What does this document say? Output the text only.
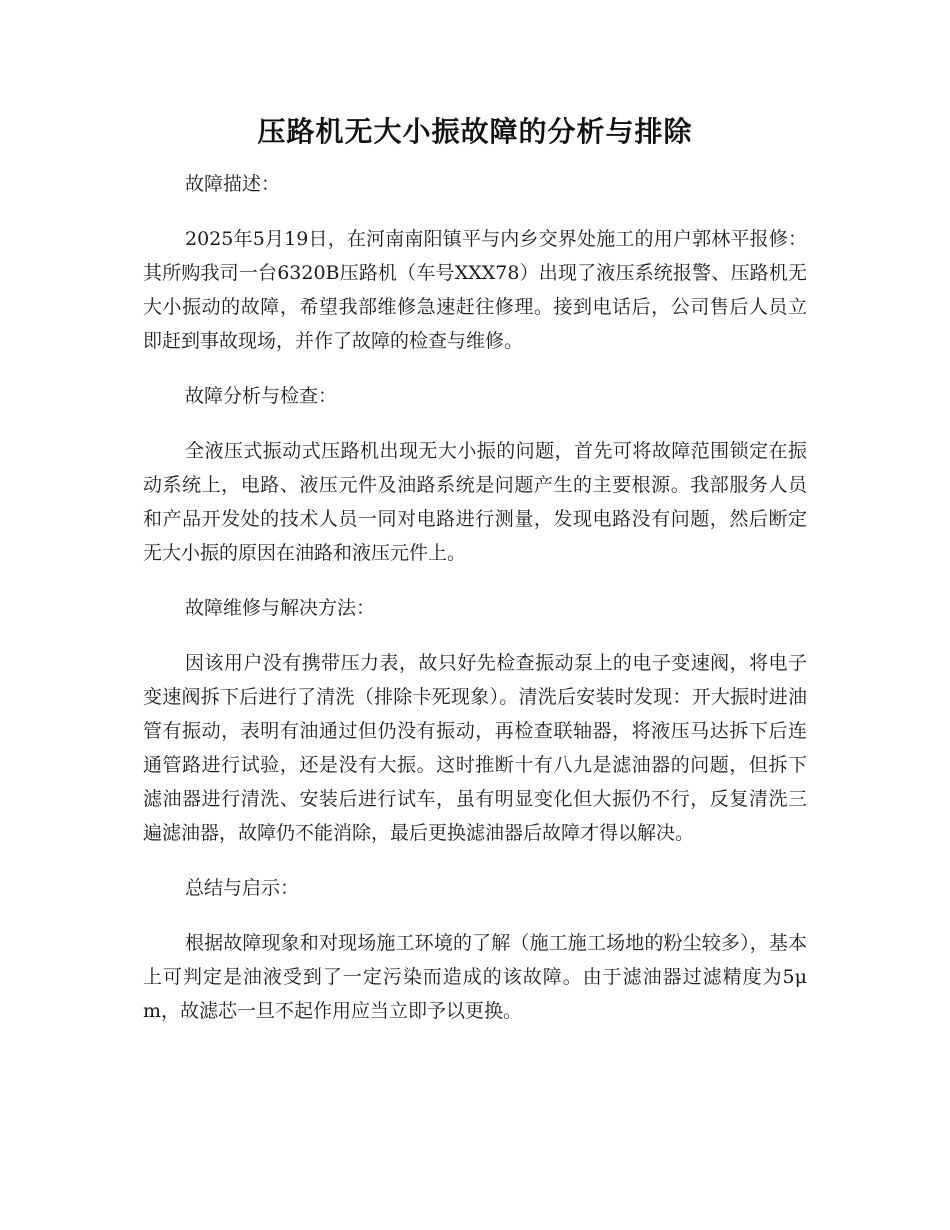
压路机无大小振故障的分析与排除

故障描述：

2025年5月19日，在河南南阳镇平与内乡交界处施工的用户郭林平报修：其所购我司一台6320B压路机（车号XXX78）出现了液压系统报警、压路机无大小振动的故障，希望我部维修急速赶往修理。接到电话后，公司售后人员立即赶到事故现场，并作了故障的检查与维修。

故障分析与检查：

全液压式振动式压路机出现无大小振的问题，首先可将故障范围锁定在振动系统上，电路、液压元件及油路系统是问题产生的主要根源。我部服务人员和产品开发处的技术人员一同对电路进行测量，发现电路没有问题，然后断定无大小振的原因在油路和液压元件上。

故障维修与解决方法：

因该用户没有携带压力表，故只好先检查振动泵上的电子变速阀，将电子变速阀拆下后进行了清洗（排除卡死现象）。清洗后安装时发现：开大振时进油管有振动，表明有油通过但仍没有振动，再检查联轴器，将液压马达拆下后连通管路进行试验，还是没有大振。这时推断十有八九是滤油器的问题，但拆下滤油器进行清洗、安装后进行试车，虽有明显变化但大振仍不行，反复清洗三遍滤油器，故障仍不能消除，最后更换滤油器后故障才得以解决。

总结与启示：

根据故障现象和对现场施工环境的了解（施工施工场地的粉尘较多），基本上可判定是油液受到了一定污染而造成的该故障。由于滤油器过滤精度为5μm，故滤芯一旦不起作用应当立即予以更换。
